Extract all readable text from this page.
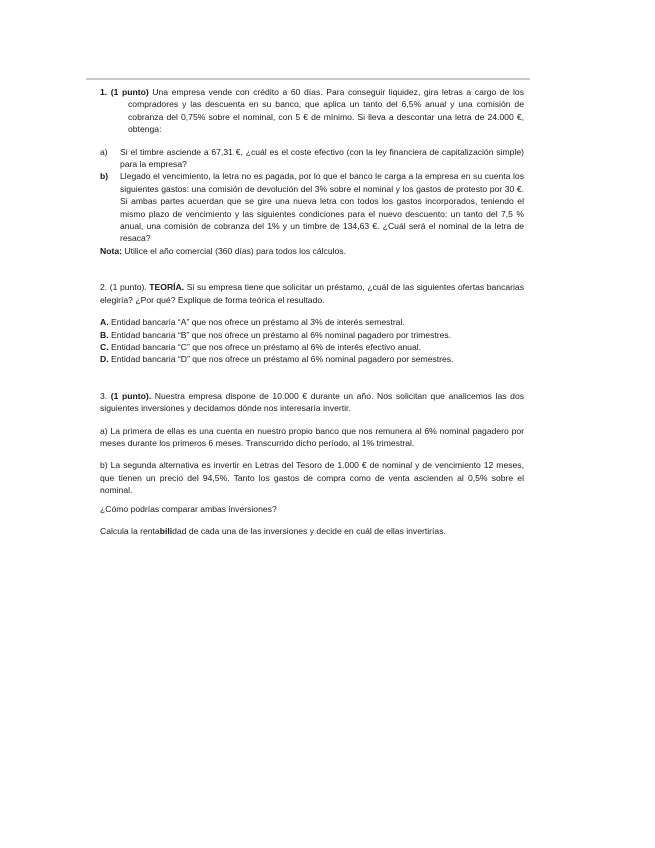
1. (1 punto) Una empresa vende con crédito a 60 días. Para conseguir liquidez, gira letras a cargo de los compradores y las descuenta en su banco, que aplica un tanto del 6,5% anual y una comisión de cobranza del 0,75% sobre el nominal, con 5 € de mínimo. Si lleva a descontar una letra de 24.000 €, obtenga:

a)	Si el timbre asciende a 67,31 €, ¿cuál es el coste efectivo (con la ley financiera de capitalización simple) para la empresa?
b)	Llegado el vencimiento, la letra no es pagada, por lo que el banco le carga a la empresa en su cuenta los siguientes gastos: una comisión de devolución del 3% sobre el nominal y los gastos de protesto por 30 €. Si ambas partes acuerdan que se gire una nueva letra con todos los gastos incorporados, teniendo el mismo plazo de vencimiento y las siguientes condiciones para el nuevo descuento: un tanto del 7,5 % anual, una comisión de cobranza del 1% y un timbre de 134,63 €. ¿Cuál será el nominal de la letra de resaca?

Nota: Utilice el año comercial (360 días) para todos los cálculos.

2. (1 punto). TEORÍA. Si su empresa tiene que solicitar un préstamo, ¿cuál de las siguientes ofertas bancarias elegiría? ¿Por qué? Explique de forma teórica el resultado.

A. Entidad bancaria “A” que nos ofrece un préstamo al 3% de interés semestral.

B. Entidad bancaria “B” que nos ofrece un préstamo al 6% nominal pagadero por trimestres.

C. Entidad bancaria “C” que nos ofrece un préstamo al 6% de interés efectivo anual.

D. Entidad bancaria “D” que nos ofrece un préstamo al 6% nominal pagadero por semestres.

3. (1 punto). Nuestra empresa dispone de 10.000 € durante un año. Nos solicitan que analicemos las dos siguientes inversiones y decidamos dónde nos interesaría invertir.

a) La primera de ellas es una cuenta en nuestro propio banco que nos remunera al 6% nominal pagadero por meses durante los primeros 6 meses. Transcurrido dicho período, al 1% trimestral.

b) La segunda alternativa es invertir en Letras del Tesoro de 1.000 € de nominal y de vencimiento 12 meses, que tienen un precio del 94,5%. Tanto los gastos de compra como de venta ascienden al 0,5% sobre el nominal.

¿Cómo podrías comparar ambas inversiones?

Calcula la rentabilidad de cada una de las inversiones y decide en cuál de ellas invertirías.
